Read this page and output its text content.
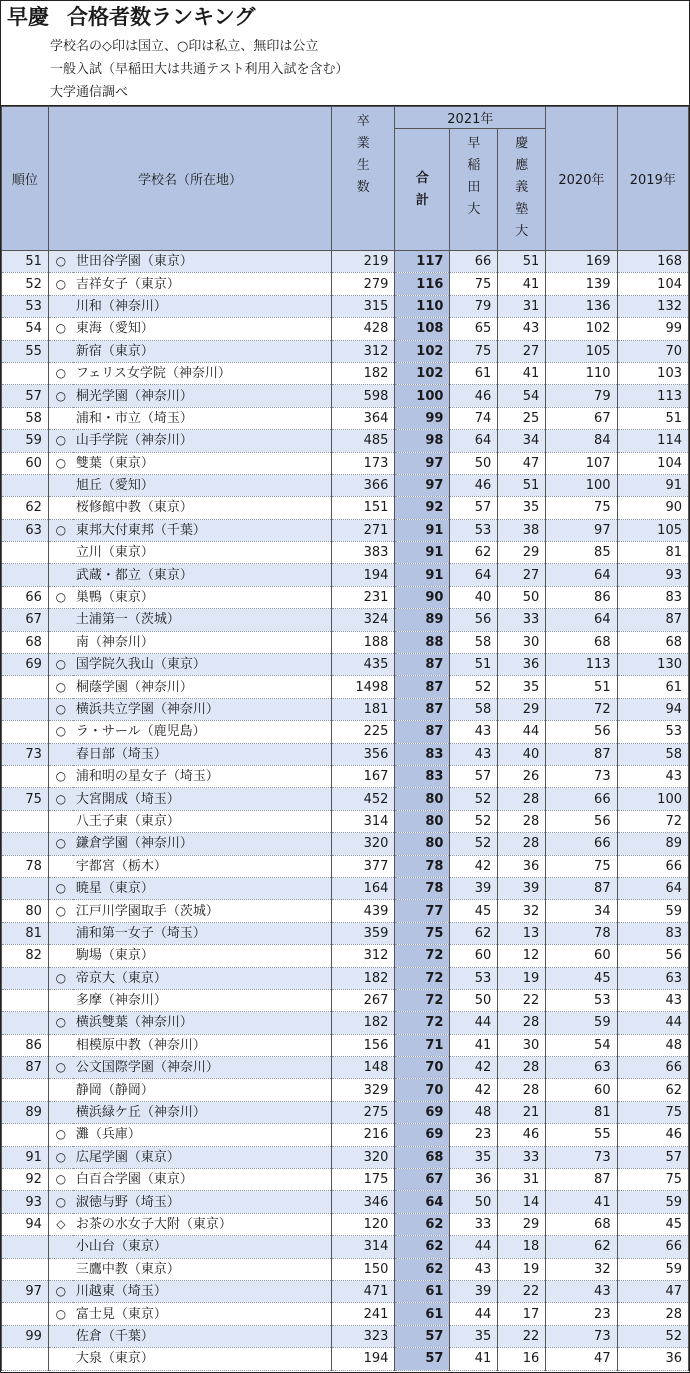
早慶 合格者数ランキング
学校名の◇印は国立、○印は私立、無印は公立
一般入試（早稲田大は共通テスト利用入試を含む）
大学通信調べ
順位	学校名（所在地）		卒業生数	2021年			2020年	2019年
				合計	早稲田大	慶應義塾大		
51	○	世田谷学園（東京）	219	117	66	51	169	168
52	○	吉祥女子（東京）	279	116	75	41	139	104
53		川和（神奈川）	315	110	79	31	136	132
54	○	東海（愛知）	428	108	65	43	102	99
55		新宿（東京）	312	102	75	27	105	70
	○	フェリス女学院（神奈川）	182	102	61	41	110	103
57	○	桐光学園（神奈川）	598	100	46	54	79	113
58		浦和・市立（埼玉）	364	99	74	25	67	51
59	○	山手学院（神奈川）	485	98	64	34	84	114
60	○	雙葉（東京）	173	97	50	47	107	104
		旭丘（愛知）	366	97	46	51	100	91
62		桜修館中教（東京）	151	92	57	35	75	90
63	○	東邦大付東邦（千葉）	271	91	53	38	97	105
		立川（東京）	383	91	62	29	85	81
		武蔵・都立（東京）	194	91	64	27	64	93
66	○	巣鴨（東京）	231	90	40	50	86	83
67		土浦第一（茨城）	324	89	56	33	64	87
68		南（神奈川）	188	88	58	30	68	68
69	○	国学院久我山（東京）	435	87	51	36	113	130
	○	桐蔭学園（神奈川）	1498	87	52	35	51	61
	○	横浜共立学園（神奈川）	181	87	58	29	72	94
	○	ラ・サール（鹿児島）	225	87	43	44	56	53
73		春日部（埼玉）	356	83	43	40	87	58
	○	浦和明の星女子（埼玉）	167	83	57	26	73	43
75	○	大宮開成（埼玉）	452	80	52	28	66	100
		八王子東（東京）	314	80	52	28	56	72
	○	鎌倉学園（神奈川）	320	80	52	28	66	89
78		宇都宮（栃木）	377	78	42	36	75	66
	○	暁星（東京）	164	78	39	39	87	64
80	○	江戸川学園取手（茨城）	439	77	45	32	34	59
81		浦和第一女子（埼玉）	359	75	62	13	78	83
82		駒場（東京）	312	72	60	12	60	56
	○	帝京大（東京）	182	72	53	19	45	63
		多摩（神奈川）	267	72	50	22	53	43
	○	横浜雙葉（神奈川）	182	72	44	28	59	44
86		相模原中教（神奈川）	156	71	41	30	54	48
87	○	公文国際学園（神奈川）	148	70	42	28	63	66
		静岡（静岡）	329	70	42	28	60	62
89		横浜緑ケ丘（神奈川）	275	69	48	21	81	75
	○	灘（兵庫）	216	69	23	46	55	46
91	○	広尾学園（東京）	320	68	35	33	73	57
92	○	白百合学園（東京）	175	67	36	31	87	75
93	○	淑徳与野（埼玉）	346	64	50	14	41	59
94	◇	お茶の水女子大附（東京）	120	62	33	29	68	45
		小山台（東京）	314	62	44	18	62	66
		三鷹中教（東京）	150	62	43	19	32	59
97	○	川越東（埼玉）	471	61	39	22	43	47
	○	富士見（東京）	241	61	44	17	23	28
99		佐倉（千葉）	323	57	35	22	73	52
		大泉（東京）	194	57	41	16	47	36
